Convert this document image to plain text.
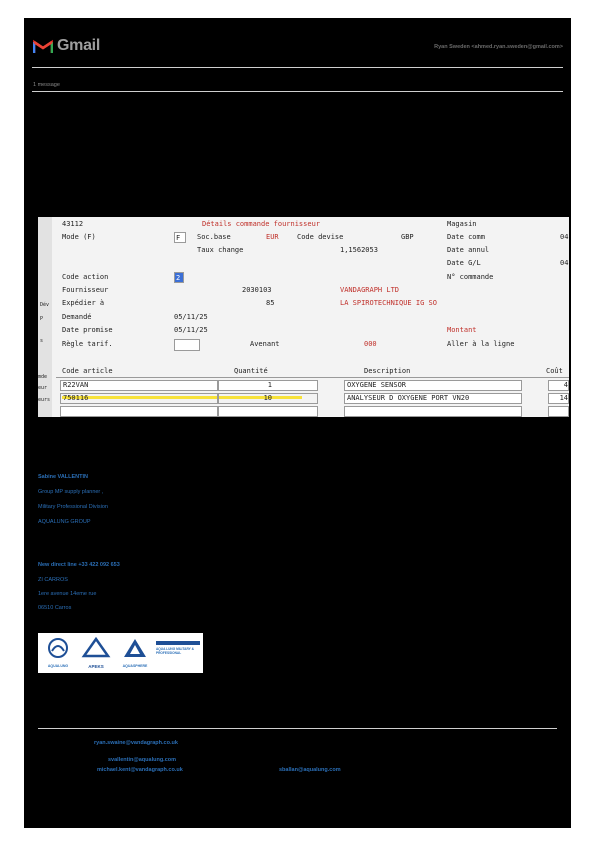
Gmail	Ryan Sweden <ahmed.ryan.sweden@gmail.com>
1 message
Dév
P
s
mde
eur
eurs
43112	Détails commande fournisseur	Magasin
Mode (F)	F Soc.base	EUR	Code devise	GBP	Date comm	04
Taux change	1,1562053	Date annul
Date G/L	04
Code action	2	N° commande
Fournisseur	2030103	VANDAGRAPH LTD
Expédier à	85	LA SPIROTECHNIQUE IG SO
Demandé	05/11/25
Date promise	05/11/25	Montant
Règle tarif.	Avenant	000	Aller à la ligne
Code article	Quantité	Description	Coût
R22VAN	1	OXYGENE SENSOR	4
750116	10	ANALYSEUR D OXYGENE PORT VN20	14
Sabine VALLENTIN
Group MP supply planner ,
Military Professional Division
AQUALUNG GROUP
New direct line +33 422 092 653
ZI CARROS
1ere avenue 14eme rue
06510 Carros
AQUALUNG	APEKS	AQUASPHERE
AQUA LUNG MILITARY & PROFESSIONAL
ryan.swaine@vandagraph.co.uk
svallentin@aqualung.com
michael.kent@vandagraph.co.uk	sballan@aqualung.com
